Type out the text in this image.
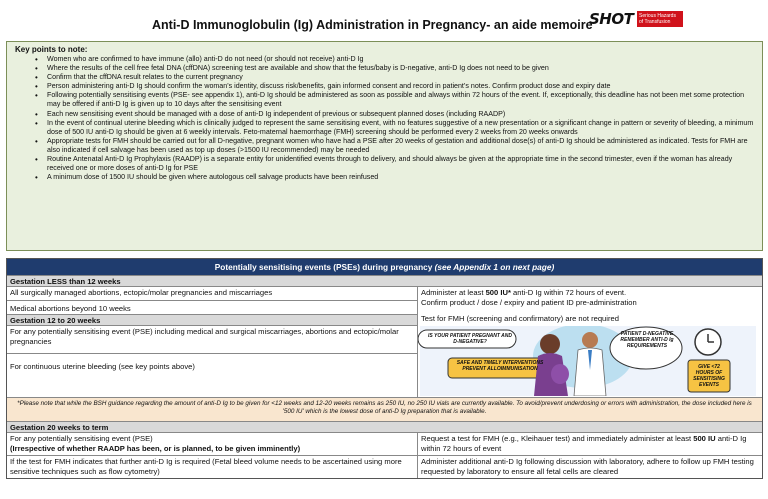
Anti-D Immunoglobulin (Ig) Administration in Pregnancy- an aide memoire
SHOT	Serious Hazards of Transfusion
Key points to note:
• Women who are confirmed to have immune (allo) anti-D do not need (or should not receive) anti-D Ig
• Where the results of the cell free fetal DNA (cffDNA) screening test are available and show that the fetus/baby is D-negative, anti-D Ig does not need to be given
• Confirm that the cffDNA result relates to the current pregnancy
• Person administering anti-D Ig should confirm the woman’s identity, discuss risk/benefits, gain informed consent and record in patient’s notes. Confirm product dose and expiry date
• Following potentially sensitising events (PSE- see appendix 1), anti-D Ig should be administered as soon as possible and always within 72 hours of the event. If, exceptionally, this deadline has not been met some protection may be offered if anti-D Ig is given up to 10 days after the sensitising event
• Each new sensitising event should be managed with a dose of anti-D Ig independent of previous or subsequent planned doses (including RAADP)
• In the event of continual uterine bleeding which is clinically judged to represent the same sensitising event, with no features suggestive of a new presentation or a significant change in pattern or severity of bleeding, a minimum dose of 500 IU anti-D Ig should be given at 6 weekly intervals. Feto-maternal haemorrhage (FMH) screening should be performed every 2 weeks from 20 weeks onwards
• Appropriate tests for FMH should be carried out for all D-negative, pregnant women who have had a PSE after 20 weeks of gestation and additional dose(s) of anti-D Ig should be administered as indicated. Tests for FMH are also indicated if cell salvage has been used as top up doses (>1500 IU recommended) may be needed
• Routine Antenatal Anti-D Ig Prophylaxis (RAADP) is a separate entity for unidentified events through to delivery, and should always be given at the appropriate time in the second trimester, even if the woman has already received one or more doses of anti-D Ig for PSE
• A minimum dose of 1500 IU should be given where autologous cell salvage products have been reinfused
Potentially sensitising events (PSEs) during pregnancy (see Appendix 1 on next page)
Gestation LESS than 12 weeks
All surgically managed abortions, ectopic/molar pregnancies and miscarriages
Medical abortions beyond 10 weeks
Administer at least 500 IU* anti-D Ig within 72 hours of event.
Confirm product / dose / expiry and patient ID pre-administration
Gestation 12 to 20 weeks
For any potentially sensitising event (PSE) including medical and surgical miscarriages, abortions and ectopic/molar pregnancies
For continuous uterine bleeding (see key points above)
Test for FMH (screening and confirmatory) are not required
IS YOUR PATIENT PREGNANT AND D-NEGATIVE?
SAFE AND TIMELY INTERVENTIONS PREVENT ALLOIMMUNISATION
PATIENT D-NEGATIVE REMEMBER ANTI-D Ig REQUIREMENTS
GIVE <72 HOURS OF SENSITISING EVENTS
*Please note that while the BSH guidance regarding the amount of anti-D Ig to be given for <12 weeks and 12-20 weeks remains as 250 IU, no 250 IU vials are currently available. To avoid/prevent underdosing or errors with administration, the dose included here is '500 IU' which is the lowest dose of anti-D Ig preparation that is available.
Gestation 20 weeks to term
For any potentially sensitising event (PSE)
(Irrespective of whether RAADP has been, or is planned, to be given imminently)
Request a test for FMH (e.g., Kleihauer test) and immediately administer at least 500 IU anti-D Ig within 72 hours of event
If the test for FMH indicates that further anti-D Ig is required (Fetal bleed volume needs to be ascertained using more sensitive techniques such as flow cytometry)
Administer additional anti-D Ig following discussion with laboratory, adhere to follow up FMH testing requested by laboratory to ensure all fetal cells are cleared
